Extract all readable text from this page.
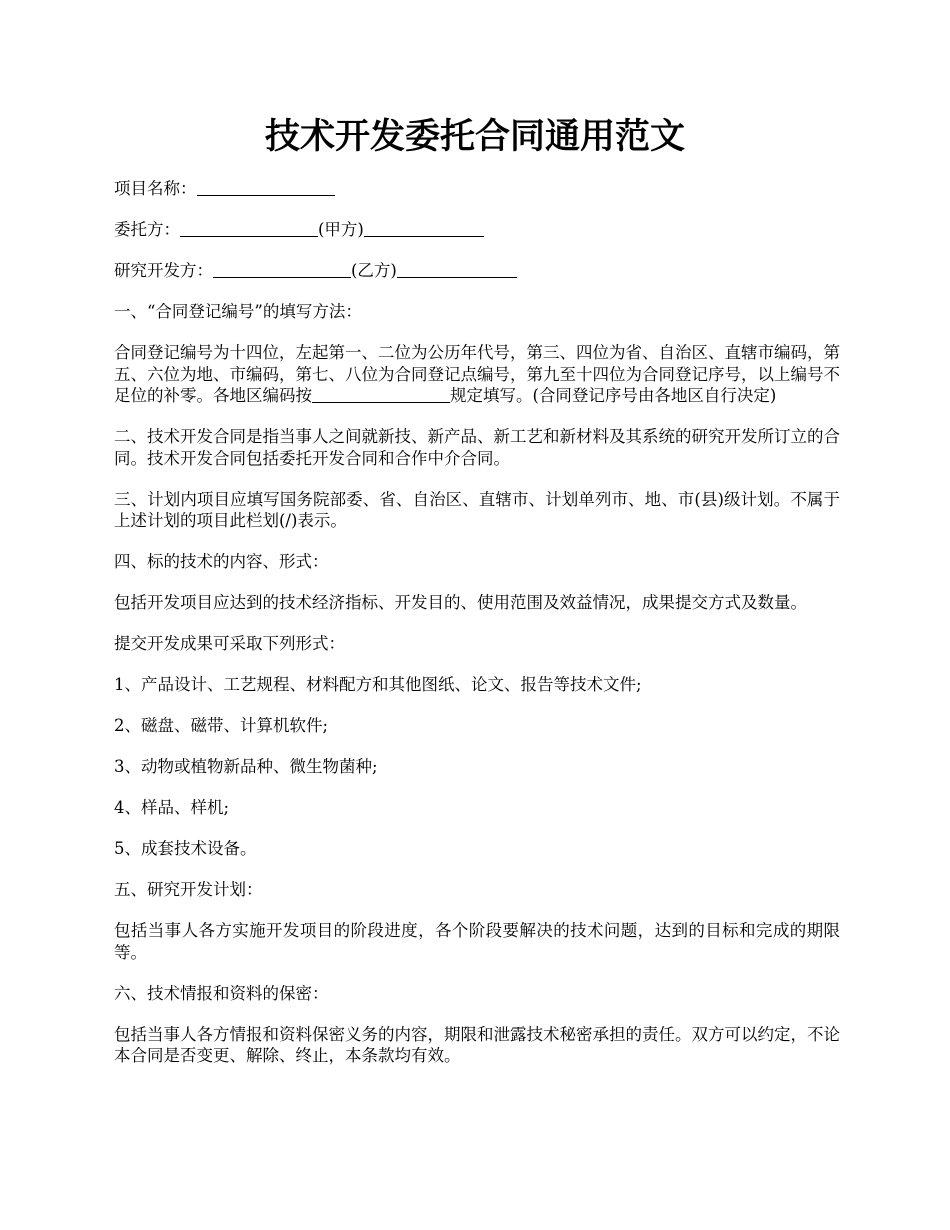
技术开发委托合同通用范文

项目名称：

委托方：	(甲方)

研究开发方：	(乙方)

一、“合同登记编号”的填写方法：

合同登记编号为十四位，左起第一、二位为公历年代号，第三、四位为省、自治区、直辖市编码，第五、六位为地、市编码，第七、八位为合同登记点编号，第九至十四位为合同登记序号，以上编号不足位的补零。各地区编码按	规定填写。(合同登记序号由各地区自行决定)

二、技术开发合同是指当事人之间就新技、新产品、新工艺和新材料及其系统的研究开发所订立的合同。技术开发合同包括委托开发合同和合作中介合同。

三、计划内项目应填写国务院部委、省、自治区、直辖市、计划单列市、地、市(县)级计划。不属于上述计划的项目此栏划(/)表示。

四、标的技术的内容、形式：

包括开发项目应达到的技术经济指标、开发目的、使用范围及效益情况，成果提交方式及数量。

提交开发成果可采取下列形式：

1、产品设计、工艺规程、材料配方和其他图纸、论文、报告等技术文件;

2、磁盘、磁带、计算机软件;

3、动物或植物新品种、微生物菌种;

4、样品、样机;

5、成套技术设备。

五、研究开发计划：

包括当事人各方实施开发项目的阶段进度，各个阶段要解决的技术问题，达到的目标和完成的期限等。

六、技术情报和资料的保密：

包括当事人各方情报和资料保密义务的内容，期限和泄露技术秘密承担的责任。双方可以约定，不论本合同是否变更、解除、终止，本条款均有效。
